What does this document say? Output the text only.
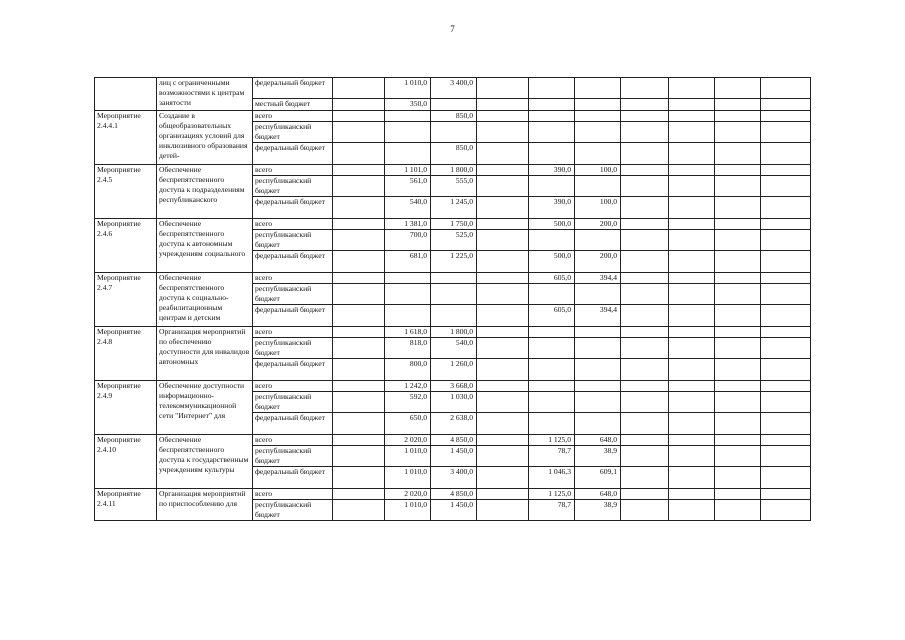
7

	лиц с ограниченными возможностями к центрам занятости	федеральный бюджет		1 010,0	3 400,0							

		местный бюджет		350,0								

Мероприятие 2.4.4.1	Создание в общеобразовательных организациях условий для инклюзивного образования детей-	всего			850,0							

		республиканский бюджет										

		федеральный бюджет			850,0							

Мероприятие 2.4.5	Обеспечение беспрепятственного доступа к подразделениям республиканского	всего		1 101,0	1 800,0		390,0	100,0				

		республиканский бюджет		561,0	555,0							

		федеральный бюджет		540,0	1 245,0		390,0	100,0				

Мероприятие 2.4.6	Обеспечение беспрепятственного доступа к автономным учреждениям социального	всего		1 381,0	1 750,0		500,0	200,0				

		республиканский бюджет		700,0	525,0							

		федеральный бюджет		681,0	1 225,0		500,0	200,0				

Мероприятие 2.4.7	Обеспечение беспрепятственного доступа к социально-реабилитационным центрам и детским	всего					605,0	394,4				

		республиканский бюджет										

		федеральный бюджет					605,0	394,4				

Мероприятие 2.4.8	Организация мероприятий по обеспечению доступности для инвалидов автономных	всего		1 618,0	1 800,0							

		республиканский бюджет		818,0	540,0							

		федеральный бюджет		800,0	1 260,0							

Мероприятие 2.4.9	Обеспечение доступности информационно-телекоммуникационной сети "Интернет" для	всего		1 242,0	3 668,0							

		республиканский бюджет		592,0	1 030,0							

		федеральный бюджет		650,0	2 638,0							

Мероприятие 2.4.10	Обеспечение беспрепятственного доступа к государственным учреждениям культуры	всего		2 020,0	4 850,0		1 125,0	648,0				

		республиканский бюджет		1 010,0	1 450,0		78,7	38,9				

		федеральный бюджет		1 010,0	3 400,0		1 046,3	609,1				

Мероприятие 2.4.11	Организация мероприятий по приспособлению для	всего		2 020,0	4 850,0		1 125,0	648,0				

		республиканский бюджет		1 010,0	1 450,0		78,7	38,9				
